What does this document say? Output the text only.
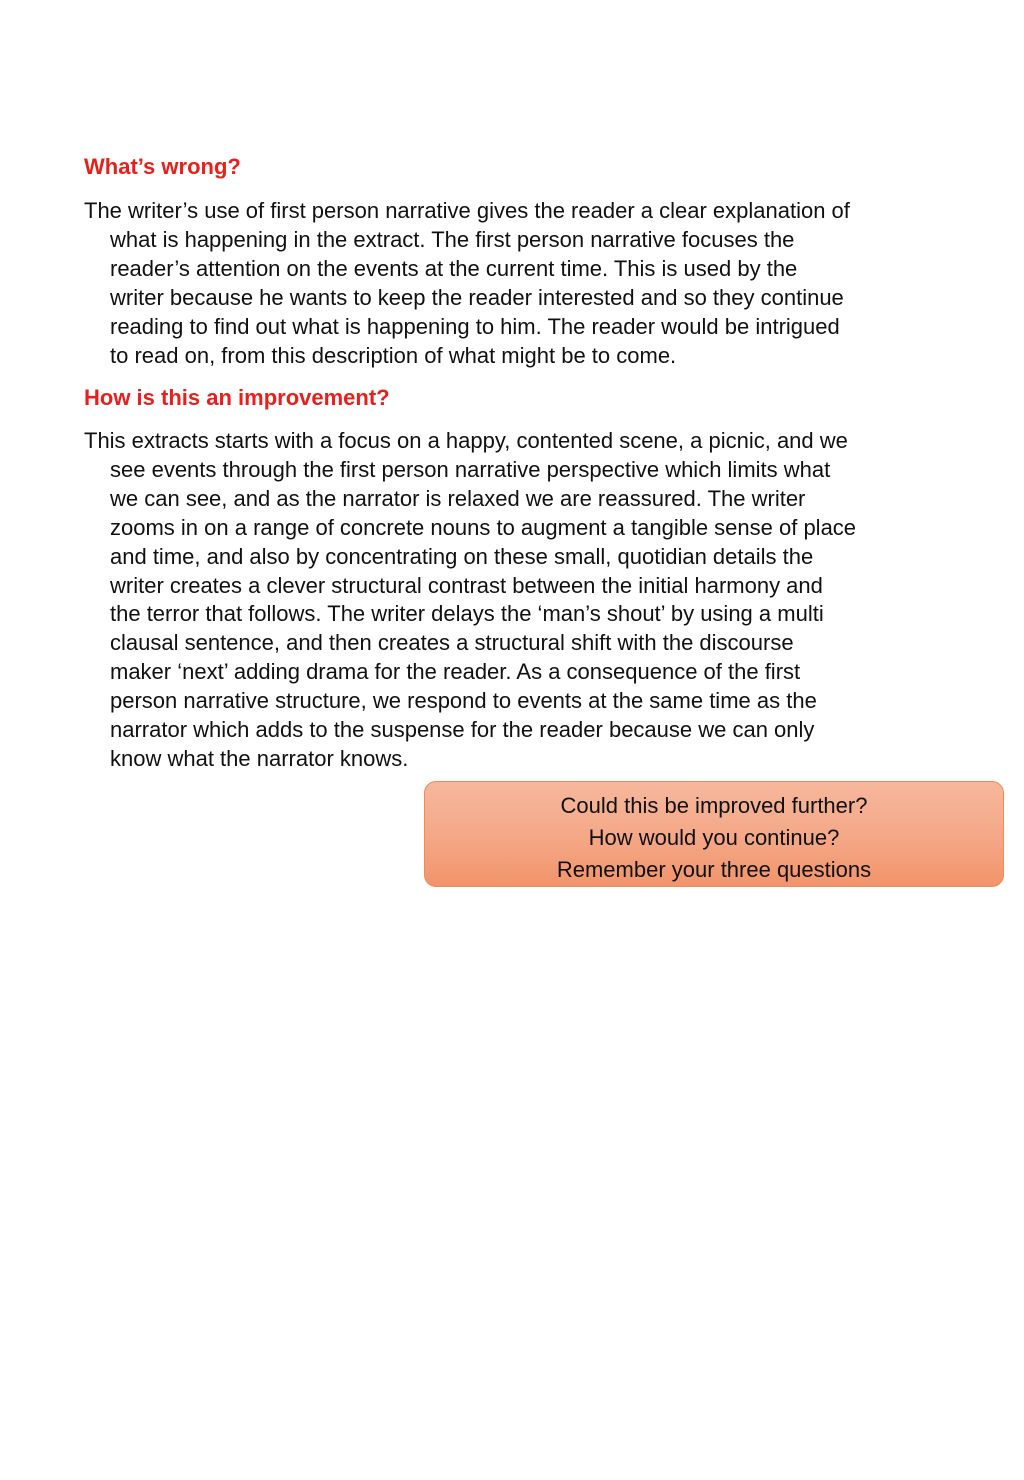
What’s wrong?

The writer’s use of first person narrative gives the reader a clear explanation of
what is happening in the extract. The first person narrative focuses the
reader’s attention on the events at the current time. This is used by the
writer because he wants to keep the reader interested and so they continue
reading to find out what is happening to him. The reader would be intrigued
to read on, from this description of what might be to come.

How is this an improvement?

This extracts starts with a focus on a happy, contented scene, a picnic, and we
see events through the first person narrative perspective which limits what
we can see, and as the narrator is relaxed we are reassured. The writer
zooms in on a range of concrete nouns to augment a tangible sense of place
and time, and also by concentrating on these small, quotidian details the
writer creates a clever structural contrast between the initial harmony and
the terror that follows. The writer delays the ‘man’s shout’ by using a multi
clausal sentence, and then creates a structural shift with the discourse
maker ‘next’ adding drama for the reader. As a consequence of the first
person narrative structure, we respond to events at the same time as the
narrator which adds to the suspense for the reader because we can only
know what the narrator knows.

Could this be improved further?
How would you continue?
Remember your three questions
